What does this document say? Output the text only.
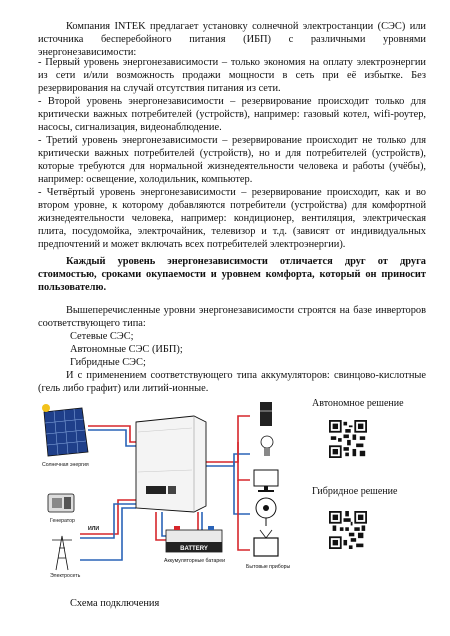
Компания INTEK предлагает установку солнечной электростанции (СЭС) или источника бесперебойного питания (ИБП) с различными уровнями энергонезависимости:

- Первый уровень энергонезависимости – только экономия на оплату электроэнергии из сети и/или возможность продажи мощности в сеть при её избытке. Без резервирования на случай отсутствия питания из сети.

- Второй уровень энергонезависимости – резервирование происходит только для критически важных потребителей (устройств), например: газовый котел, wifi-роутер, насосы, сигнализация, видеонаблюдение.

- Третий уровень энергонезависимости – резервирование происходит не только для критически важных потребителей (устройств), но и для потребителей (устройств), которые требуются для нормальной жизнедеятельности человека и работы (учёбы), например: освещение, холодильник, компьютер.

- Четвёртый уровень энергонезависимости – резервирование происходит, как и во втором уровне, к которому добавляются потребители (устройства) для комфортной жизнедеятельности человека, например: кондиционер, вентиляция, электрическая плита, посудомойка, электрочайник, телевизор и т.д. (зависят от индивидуальных предпочтений и может включать всех потребителей электроэнергии).

Каждый уровень энергонезависимости отличается друг от друга стоимостью, сроками окупаемости и уровнем комфорта, который он приносит пользователю.

Вышеперечисленные уровни энергонезависимости строятся на базе инверторов соответствующего типа:

Сетевые СЭС;

Автономные СЭС (ИБП);

Гибридные СЭС;

И с применением соответствующего типа аккумуляторов: свинцово-кислотные (гель либо графит) или литий-ионные.

Солнечная энергия
Генератор
ИЛИ
Электросеть
BATTERY
Аккумуляторные батареи
Бытовые приборы
Автономное решение
Гибридное решение
Схема подключения
